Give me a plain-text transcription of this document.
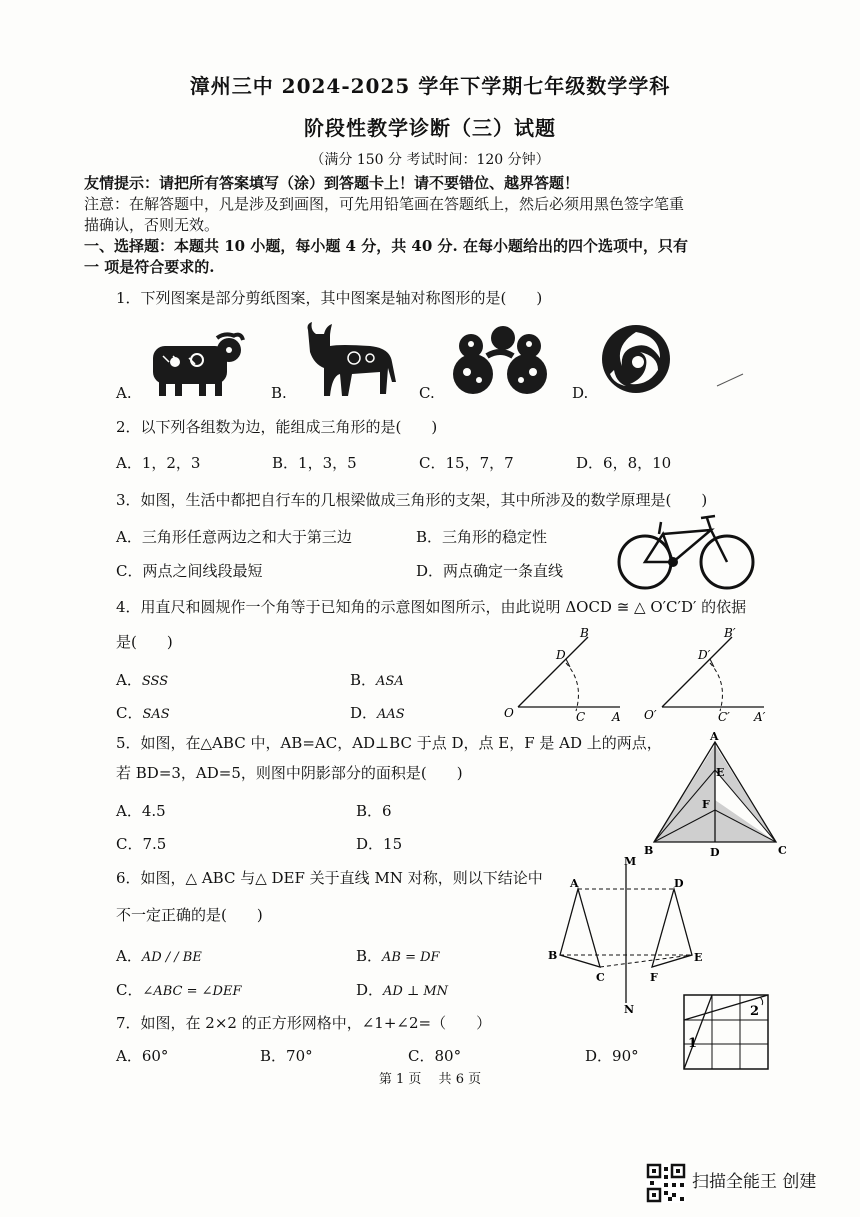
漳州三中 2024-2025 学年下学期七年级数学学科
阶段性教学诊断（三）试题
（满分 150 分 考试时间：120 分钟）
友情提示：请把所有答案填写（涂）到答题卡上！请不要错位、越界答题！
注意：在解答题中，凡是涉及到画图，可先用铅笔画在答题纸上，然后必须用黑色签字笔重
描确认，否则无效。
一、选择题：本题共 10 小题，每小题 4 分，共 40 分. 在每小题给出的四个选项中，只有
一 项是符合要求的.
1．下列图案是部分剪纸图案，其中图案是轴对称图形的是(　　)
A.	B.	C.	D.
2．以下列各组数为边，能组成三角形的是(　　)
A．1，2，3	B．1，3，5	C．15，7，7	D．6，8，10
3．如图，生活中都把自行车的几根梁做成三角形的支架，其中所涉及的数学原理是(　　)
A．三角形任意两边之和大于第三边	B．三角形的稳定性
C．两点之间线段最短	D．两点确定一条直线
4．用直尺和圆规作一个角等于已知角的示意图如图所示，由此说明 ΔOCD ≅ △ O′C′D′ 的依据
是(　　)
A．SSS	B．ASA
C．SAS	D．AAS	O	A
B
C
D
O′	A′
B′
C′
D′
5．如图，在△ABC 中，AB=AC，AD⊥BC 于点 D，点 E，F 是 AD 上的两点，
若 BD=3，AD=5，则图中阴影部分的面积是(　　)
A．4.5	B．6
C．7.5	D．15
A
B	C
D
E
F
6．如图，△ ABC 与△ DEF 关于直线 MN 对称，则以下结论中
不一定正确的是(　　)
A．AD / / BE	B．AB = DF
C．∠ABC = ∠DEF	D．AD ⊥ MN
M
N
A
B
C
D
E
F
7．如图，在 2×2 的正方形网格中，∠1+∠2=（　　）
A．60°	B．70°	C．80°	D．90°
1
2
第 1 页　 共 6 页
扫描全能王 创建
